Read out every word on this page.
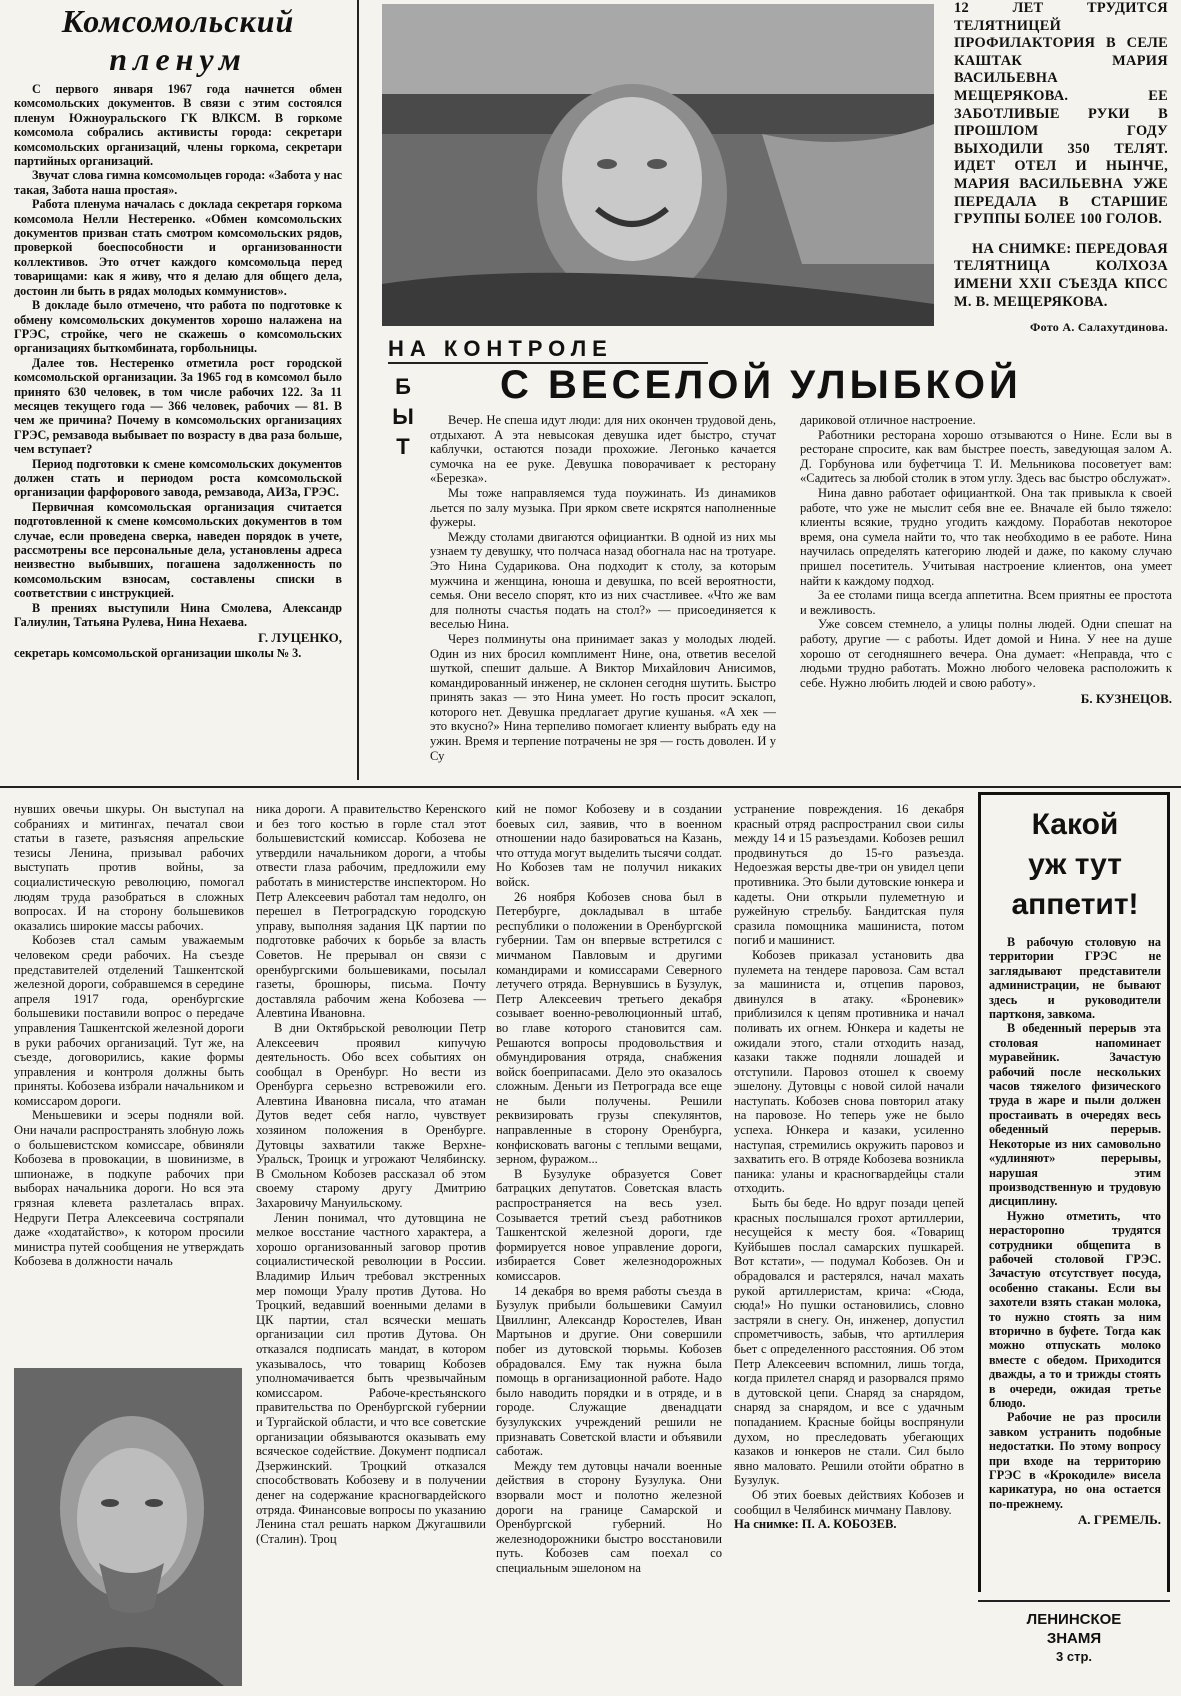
Комсомольский
пленум

С первого января 1967 года начнется обмен комсомольских документов. В связи с этим состоялся пленум Южноуральского ГК ВЛКСМ. В горкоме комсомола собрались активисты города: секретари комсомольских организаций, члены горкома, секретари партийных организаций.

Звучат слова гимна комсомольцев города: «Забота у нас такая, Забота наша простая».

Работа пленума началась с доклада секретаря горкома комсомола Нелли Нестеренко. «Обмен комсомольских документов призван стать смотром комсомольских рядов, проверкой боеспособности и организованности коллективов. Это отчет каждого комсомольца перед товарищами: как я живу, что я делаю для общего дела, достоин ли быть в рядах молодых коммунистов».

В докладе было отмечено, что работа по подготовке к обмену комсомольских документов хорошо налажена на ГРЭС, стройке, чего не скажешь о комсомольских организациях быткомбината, горбольницы.

Далее тов. Нестеренко отметила рост городской комсомольской организации. За 1965 год в комсомол было принято 630 человек, в том числе рабочих 122. За 11 месяцев текущего года — 366 человек, рабочих — 81. В чем же причина? Почему в комсомольских организациях ГРЭС, ремзавода выбывает по возрасту в два раза больше, чем вступает?

Период подготовки к смене комсомольских документов должен стать и периодом роста комсомольской организации фарфорового завода, ремзавода, АИЗа, ГРЭС.

Первичная комсомольская организация считается подготовленной к смене комсомольских документов в том случае, если проведена сверка, наведен порядок в учете, рассмотрены все персональные дела, установлены адреса неизвестно выбывших, погашена задолженность по комсомольским взносам, составлены списки в соответствии с инструкцией.

В прениях выступили Нина Смолева, Александр Галиулин, Татьяна Рулева, Нина Нехаева.

Г. ЛУЦЕНКО,

секретарь комсомольской организации школы № 3.

12 ЛЕТ ТРУДИТСЯ ТЕЛЯТНИЦЕЙ ПРОФИЛАКТОРИЯ В СЕЛЕ КАШТАК МАРИЯ ВАСИЛЬЕВНА МЕЩЕРЯКОВА. ЕЕ ЗАБОТЛИВЫЕ РУКИ В ПРОШЛОМ ГОДУ ВЫХОДИЛИ 350 ТЕЛЯТ. ИДЕТ ОТЕЛ И НЫНЧЕ, МАРИЯ ВАСИЛЬЕВНА УЖЕ ПЕРЕДАЛА В СТАРШИЕ ГРУППЫ БОЛЕЕ 100 ГОЛОВ.
НА СНИМКЕ: ПЕРЕДОВАЯ ТЕЛЯТНИЦА КОЛХОЗА ИМЕНИ XXII СЪЕЗДА КПСС М. В. МЕЩЕРЯКОВА.
Фото А. Салахутдинова.
НА КОНТРОЛЕ
Б
Ы
Т
С ВЕСЕЛОЙ УЛЫБКОЙ

Вечер. Не спеша идут люди: для них окончен трудовой день, отдыхают. А эта невысокая девушка идет быстро, стучат каблучки, остаются позади прохожие. Легонько качается сумочка на ее руке. Девушка поворачивает к ресторану «Березка».

Мы тоже направляемся туда поужинать. Из динамиков льется по залу музыка. При ярком свете искрятся наполненные фужеры.

Между столами двигаются официантки. В одной из них мы узнаем ту девушку, что полчаса назад обогнала нас на тротуаре. Это Нина Сударикова. Она подходит к столу, за которым мужчина и женщина, юноша и девушка, по всей вероятности, семья. Они весело спорят, кто из них счастливее. «Что же вам для полноты счастья подать на стол?» — присоединяется к веселью Нина.

Через полминуты она принимает заказ у молодых людей. Один из них бросил комплимент Нине, она, ответив веселой шуткой, спешит дальше. А Виктор Михайлович Анисимов, командированный инженер, не склонен сегодня шутить. Быстро принять заказ — это Нина умеет. Но гость просит эскалоп, которого нет. Девушка предлагает другие кушанья. «А хек — это вкусно?» Нина терпеливо помогает клиенту выбрать еду на ужин. Время и терпение потрачены не зря — гость доволен. И у Су

дариковой отличное настроение.

Работники ресторана хорошо отзываются о Нине. Если вы в ресторане спросите, как вам быстрее поесть, заведующая залом А. Д. Горбунова или буфетчица Т. И. Мельникова посоветует вам: «Садитесь за любой столик в этом углу. Здесь вас быстро обслужат».

Нина давно работает официанткой. Она так привыкла к своей работе, что уже не мыслит себя вне ее. Вначале ей было тяжело: клиенты всякие, трудно угодить каждому. Поработав некоторое время, она сумела найти то, что так необходимо в ее работе. Нина научилась определять категорию людей и даже, по какому случаю пришел посетитель. Учитывая настроение клиентов, она умеет найти к каждому подход.

За ее столами пища всегда аппетитна. Всем приятны ее простота и вежливость.

Уже совсем стемнело, а улицы полны людей. Одни спешат на работу, другие — с работы. Идет домой и Нина. У нее на душе хорошо от сегодняшнего вечера. Она думает: «Неправда, что с людьми трудно работать. Можно любого человека расположить к себе. Нужно любить людей и свою работу».

Б. КУЗНЕЦОВ.

нувших овечьи шкуры. Он выступал на собраниях и митингах, печатал свои статьи в газете, разъясняя апрельские тезисы Ленина, призывал рабочих выступать против войны, за социалистическую революцию, помогал людям труда разобраться в сложных вопросах. И на сторону большевиков оказались широкие массы рабочих.

Кобозев стал самым уважаемым человеком среди рабочих. На съезде представителей отделений Ташкентской железной дороги, собравшемся в середине апреля 1917 года, оренбургские большевики поставили вопрос о передаче управления Ташкентской железной дороги в руки рабочих организаций. Тут же, на съезде, договорились, какие формы управления и контроля должны быть приняты. Кобозева избрали начальником и комиссаром дороги.

Меньшевики и эсеры подняли вой. Они начали распространять злобную ложь о большевистском комиссаре, обвиняли Кобозева в провокации, в шовинизме, в шпионаже, в подкупе рабочих при выборах начальника дороги. Но вся эта грязная клевета разлеталась впрах. Недруги Петра Алексеевича состряпали даже «ходатайство», к котором просили министра путей сообщения не утверждать Кобозева в должности началь

ника дороги. А правительство Керенского и без того костью в горле стал этот большевистский комиссар. Кобозева не утвердили начальником дороги, а чтобы отвести глаза рабочим, предложили ему работать в министерстве инспектором. Но Петр Алексеевич работал там недолго, он перешел в Петроградскую городскую управу, выполняя задания ЦК партии по подготовке рабочих к борьбе за власть Советов. Не прерывал он связи с оренбургскими большевиками, посылал газеты, брошюры, письма. Почту доставляла рабочим жена Кобозева — Алевтина Ивановна.

В дни Октябрьской революции Петр Алексеевич проявил кипучую деятельность. Обо всех событиях он сообщал в Оренбург. Но вести из Оренбурга серьезно встревожили его. Алевтина Ивановна писала, что атаман Дутов ведет себя нагло, чувствует хозяином положения в Оренбурге. Дутовцы захватили также Верхне-Уральск, Троицк и угрожают Челябинску. В Смольном Кобозев рассказал об этом своему старому другу Дмитрию Захаровичу Мануильскому.

Ленин понимал, что дутовщина не мелкое восстание частного характера, а хорошо организованный заговор против социалистической революции в России. Владимир Ильич требовал экстренных мер помощи Уралу против Дутова. Но Троцкий, ведавший военными делами в ЦК партии, стал всячески мешать организации сил против Дутова. Он отказался подписать мандат, в котором указывалось, что товарищ Кобозев уполномачивается быть чрезвычайным комиссаром. Рабоче-крестьянского правительства по Оренбургской губернии и Тургайской области, и что все советские организации обязываются оказывать ему всяческое содействие. Документ подписал Дзержинский. Троцкий отказался способствовать Кобозеву и в получении денег на содержание красногвардейского отряда. Финансовые вопросы по указанию Ленина стал решать нарком Джугашвили (Сталин). Троц

кий не помог Кобозеву и в создании боевых сил, заявив, что в военном отношении надо базироваться на Казань, что оттуда могут выделить тысячи солдат. Но Кобозев там не получил никаких войск.

26 ноября Кобозев снова был в Петербурге, докладывал в штабе республики о положении в Оренбургской губернии. Там он впервые встретился с мичманом Павловым и другими командирами и комиссарами Северного летучего отряда. Вернувшись в Бузулук, Петр Алексеевич третьего декабря созывает военно-революционный штаб, во главе которого становится сам. Решаются вопросы продовольствия и обмундирования отряда, снабжения войск боеприпасами. Дело это оказалось сложным. Деньги из Петрограда все еще не были получены. Решили реквизировать грузы спекулянтов, направленные в сторону Оренбурга, конфисковать вагоны с теплыми вещами, зерном, фуражом...

В Бузулуке образуется Совет батрацких депутатов. Советская власть распространяется на весь узел. Созывается третий съезд работников Ташкентской железной дороги, где формируется новое управление дороги, избирается Совет железнодорожных комиссаров.

14 декабря во время работы съезда в Бузулук прибыли большевики Самуил Цвиллинг, Александр Коростелев, Иван Мартынов и другие. Они совершили побег из дутовской тюрьмы. Кобозев обрадовался. Ему так нужна была помощь в организационной работе. Надо было наводить порядки и в отряде, и в городе. Служащие двенадцати бузулукских учреждений решили не признавать Советской власти и объявили саботаж.

Между тем дутовцы начали военные действия в сторону Бузулука. Они взорвали мост и полотно железной дороги на границе Самарской и Оренбургской губерний. Но железнодорожники быстро восстановили путь. Кобозев сам поехал со специальным эшелоном на

устранение повреждения. 16 декабря красный отряд распространил свои силы между 14 и 15 разъездами. Кобозев решил продвинуться до 15-го разъезда. Недоезжая версты две-три он увидел цепи противника. Это были дутовские юнкера и кадеты. Они открыли пулеметную и ружейную стрельбу. Бандитская пуля сразила помощника машиниста, потом погиб и машинист.

Кобозев приказал установить два пулемета на тендере паровоза. Сам встал за машиниста и, отцепив паровоз, двинулся в атаку. «Броневик» приблизился к цепям противника и начал поливать их огнем. Юнкера и кадеты не ожидали этого, стали отходить назад, казаки также подняли лошадей и отступили. Паровоз отошел к своему эшелону. Дутовцы с новой силой начали наступать. Кобозев снова повторил атаку на паровозе. Но теперь уже не было успеха. Юнкера и казаки, усиленно наступая, стремились окружить паровоз и захватить его. В отряде Кобозева возникла паника: уланы и красногвардейцы стали отходить.

Быть бы беде. Но вдруг позади цепей красных послышался грохот артиллерии, несущейся к месту боя. «Товарищ Куйбышев послал самарских пушкарей. Вот кстати», — подумал Кобозев. Он и обрадовался и растерялся, начал махать рукой артиллеристам, крича: «Сюда, сюда!» Но пушки остановились, словно застряли в снегу. Он, инженер, допустил спрометчивость, забыв, что артиллерия бьет с определенного расстояния. Об этом Петр Алексеевич вспомнил, лишь тогда, когда прилетел снаряд и разорвался прямо в дутовской цепи. Снаряд за снарядом, снаряд за снарядом, и все с удачным попаданием. Красные бойцы воспрянули духом, но преследовать убегающих казаков и юнкеров не стали. Сил было явно маловато. Решили отойти обратно в Бузулук.

Об этих боевых действиях Кобозев и сообщил в Челябинск мичману Павлову.

На снимке: П. А. КОБОЗЕВ.

Какой
уж тут
аппетит!

В рабочую столовую на территории ГРЭС не заглядывают представители администрации, не бывают здесь и руководители партконя, завкома.

В обеденный перерыв эта столовая напоминает муравейник. Зачастую рабочий после нескольких часов тяжелого физического труда в жаре и пыли должен простаивать в очередях весь обеденный перерыв. Некоторые из них самовольно «удлиняют» перерывы, нарушая этим производственную и трудовую дисциплину.

Нужно отметить, что нерасторопно трудятся сотрудники общепита в рабочей столовой ГРЭС. Зачастую отсутствует посуда, особенно стаканы. Если вы захотели взять стакан молока, то нужно стоять за ним вторично в буфете. Тогда как можно отпускать молоко вместе с обедом. Приходится дважды, а то и трижды стоять в очереди, ожидая третье блюдо.

Рабочие не раз просили завком устранить подобные недостатки. По этому вопросу при входе на территорию ГРЭС в «Крокодиле» висела карикатура, но она остается по-прежнему.

А. ГРЕМЕЛЬ.

ЛЕНИНСКОЕ ЗНАМЯ
3 стр.
